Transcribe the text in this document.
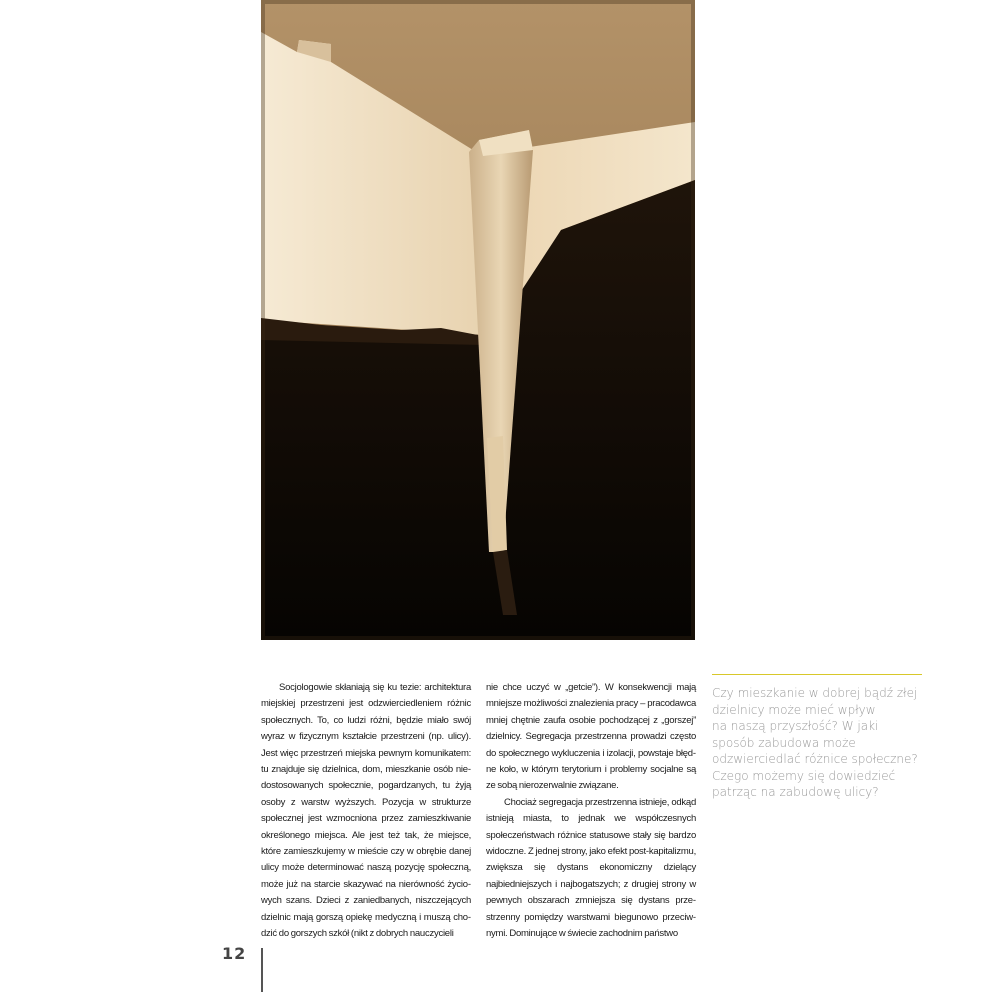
Socjologowie skłaniają się ku tezie: architektura miejskiej przestrzeni jest odzwierciedleniem różnic społecznych. To, co ludzi różni, będzie miało swój wyraz w fizycznym kształcie przestrzeni (np. ulicy). Jest więc przestrzeń miejska pewnym komunikatem: tu znajduje się dzielnica, dom, mieszkanie osób niedostosowanych społecznie, pogardzanych, tu żyją osoby z warstw wyższych. Pozycja w strukturze społecznej jest wzmocniona przez zamieszkiwanie określonego miejsca. Ale jest też tak, że miejsce, które zamieszkujemy w mieście czy w obrębie danej ulicy może determinować naszą pozycję społeczną, może już na starcie skazywać na nierówność życiowych szans. Dzieci z zaniedbanych, niszczejących dzielnic mają gorszą opiekę medyczną i muszą chodzić do gorszych szkół (nikt z dobrych nauczycieli

nie chce uczyć w „getcie”). W konsekwencji mają mniejsze możliwości znalezienia pracy – pracodawca mniej chętnie zaufa osobie pochodzącej z „gorszej” dzielnicy. Segregacja przestrzenna prowadzi często do społecznego wykluczenia i izolacji, powstaje błędne koło, w którym terytorium i problemy socjalne są ze sobą nierozerwalnie związane.

Chociaż segregacja przestrzenna istnieje, odkąd istnieją miasta, to jednak we współczesnych społeczeństwach różnice statusowe stały się bardzo widoczne. Z jednej strony, jako efekt post-kapitalizmu, zwiększa się dystans ekonomiczny dzielący najbiedniejszych i najbogatszych; z drugiej strony w pewnych obszarach zmniejsza się dystans przestrzenny pomiędzy warstwami biegunowo przeciwnymi. Dominujące w świecie zachodnim państwo

Czy mieszkanie w dobrej bądź złej
dzielnicy może mieć wpływ
na naszą przyszłość? W jaki
sposób zabudowa może
odzwierciedlać różnice społeczne?
Czego możemy się dowiedzieć
patrząc na zabudowę ulicy?
12
